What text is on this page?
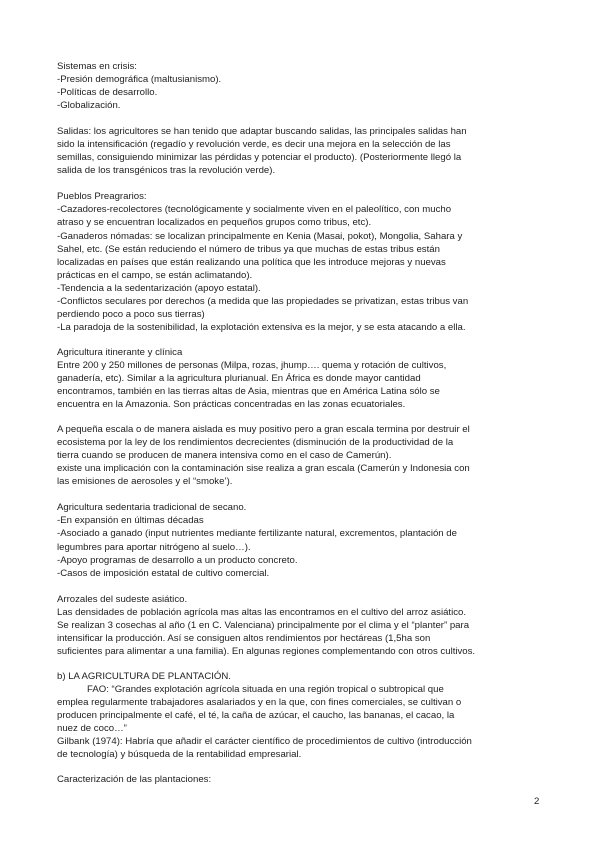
Sistemas en crisis:
-Presión demográfica (maltusianismo).
-Políticas de desarrollo.
-Globalización.
Salidas: los agricultores se han tenido que adaptar buscando salidas, las principales salidas han
sido la intensificación (regadío y revolución verde, es decir una mejora en la selección de las
semillas, consiguiendo minimizar las pérdidas y potenciar el producto). (Posteriormente llegó la
salida de los transgénicos tras la revolución verde).
Pueblos Preagrarios:
-Cazadores-recolectores (tecnológicamente y socialmente viven en el paleolítico, con mucho
atraso y se encuentran localizados en pequeños grupos como tribus, etc).
-Ganaderos nómadas: se localizan principalmente en Kenia (Masai, pokot), Mongolia, Sahara y
Sahel, etc. (Se están reduciendo el número de tribus ya que muchas de estas tribus están
localizadas en países que están realizando una política que les introduce mejoras y nuevas
prácticas en el campo, se están aclimatando).
-Tendencia a la sedentarización (apoyo estatal).
-Conflictos seculares por derechos (a medida que las propiedades se privatizan, estas tribus van
perdiendo poco a poco sus tierras)
-La paradoja de la sostenibilidad, la explotación extensiva es la mejor, y se esta atacando a ella.
Agricultura itinerante y clínica
Entre 200 y 250 millones de personas (Milpa, rozas, jhump…. quema y rotación de cultivos,
ganadería, etc). Similar a la agricultura plurianual. En África es donde mayor cantidad
encontramos, también en las tierras altas de Asia, mientras que en América Latina sólo se
encuentra en la Amazonia. Son prácticas concentradas en las zonas ecuatoriales.
A pequeña escala o de manera aislada es muy positivo pero a gran escala termina por destruir el
ecosistema por la ley de los rendimientos decrecientes (disminución de la productividad de la
tierra cuando se producen de manera intensiva como en el caso de Camerún).
existe una implicación con la contaminación sise realiza a gran escala (Camerún y Indonesia con
las emisiones de aerosoles y el “smoke’).
Agricultura sedentaria tradicional de secano.
-En expansión en últimas décadas
-Asociado a ganado (input nutrientes mediante fertilizante natural, excrementos, plantación de
legumbres para aportar nitrógeno al suelo…).
-Apoyo programas de desarrollo a un producto concreto.
-Casos de imposición estatal de cultivo comercial.
Arrozales del sudeste asiático.
Las densidades de población agrícola mas altas las encontramos en el cultivo del arroz asiático.
Se realizan 3 cosechas al año (1 en C. Valenciana) principalmente por el clima y el “planter” para
intensificar la producción. Así se consiguen altos rendimientos por hectáreas (1,5ha son
suficientes para alimentar a una familia). En algunas regiones complementando con otros cultivos.
b) LA AGRICULTURA DE PLANTACIÓN.
FAO: “Grandes explotación agrícola situada en una región tropical o subtropical que
emplea regularmente trabajadores asalariados y en la que, con fines comerciales, se cultivan o
producen principalmente el café, el té, la caña de azúcar, el caucho, las bananas, el cacao, la
nuez de coco…”
Gilbank (1974): Habría que añadir el carácter científico de procedimientos de cultivo (introducción
de tecnología) y búsqueda de la rentabilidad empresarial.
Caracterización de las plantaciones:
2
